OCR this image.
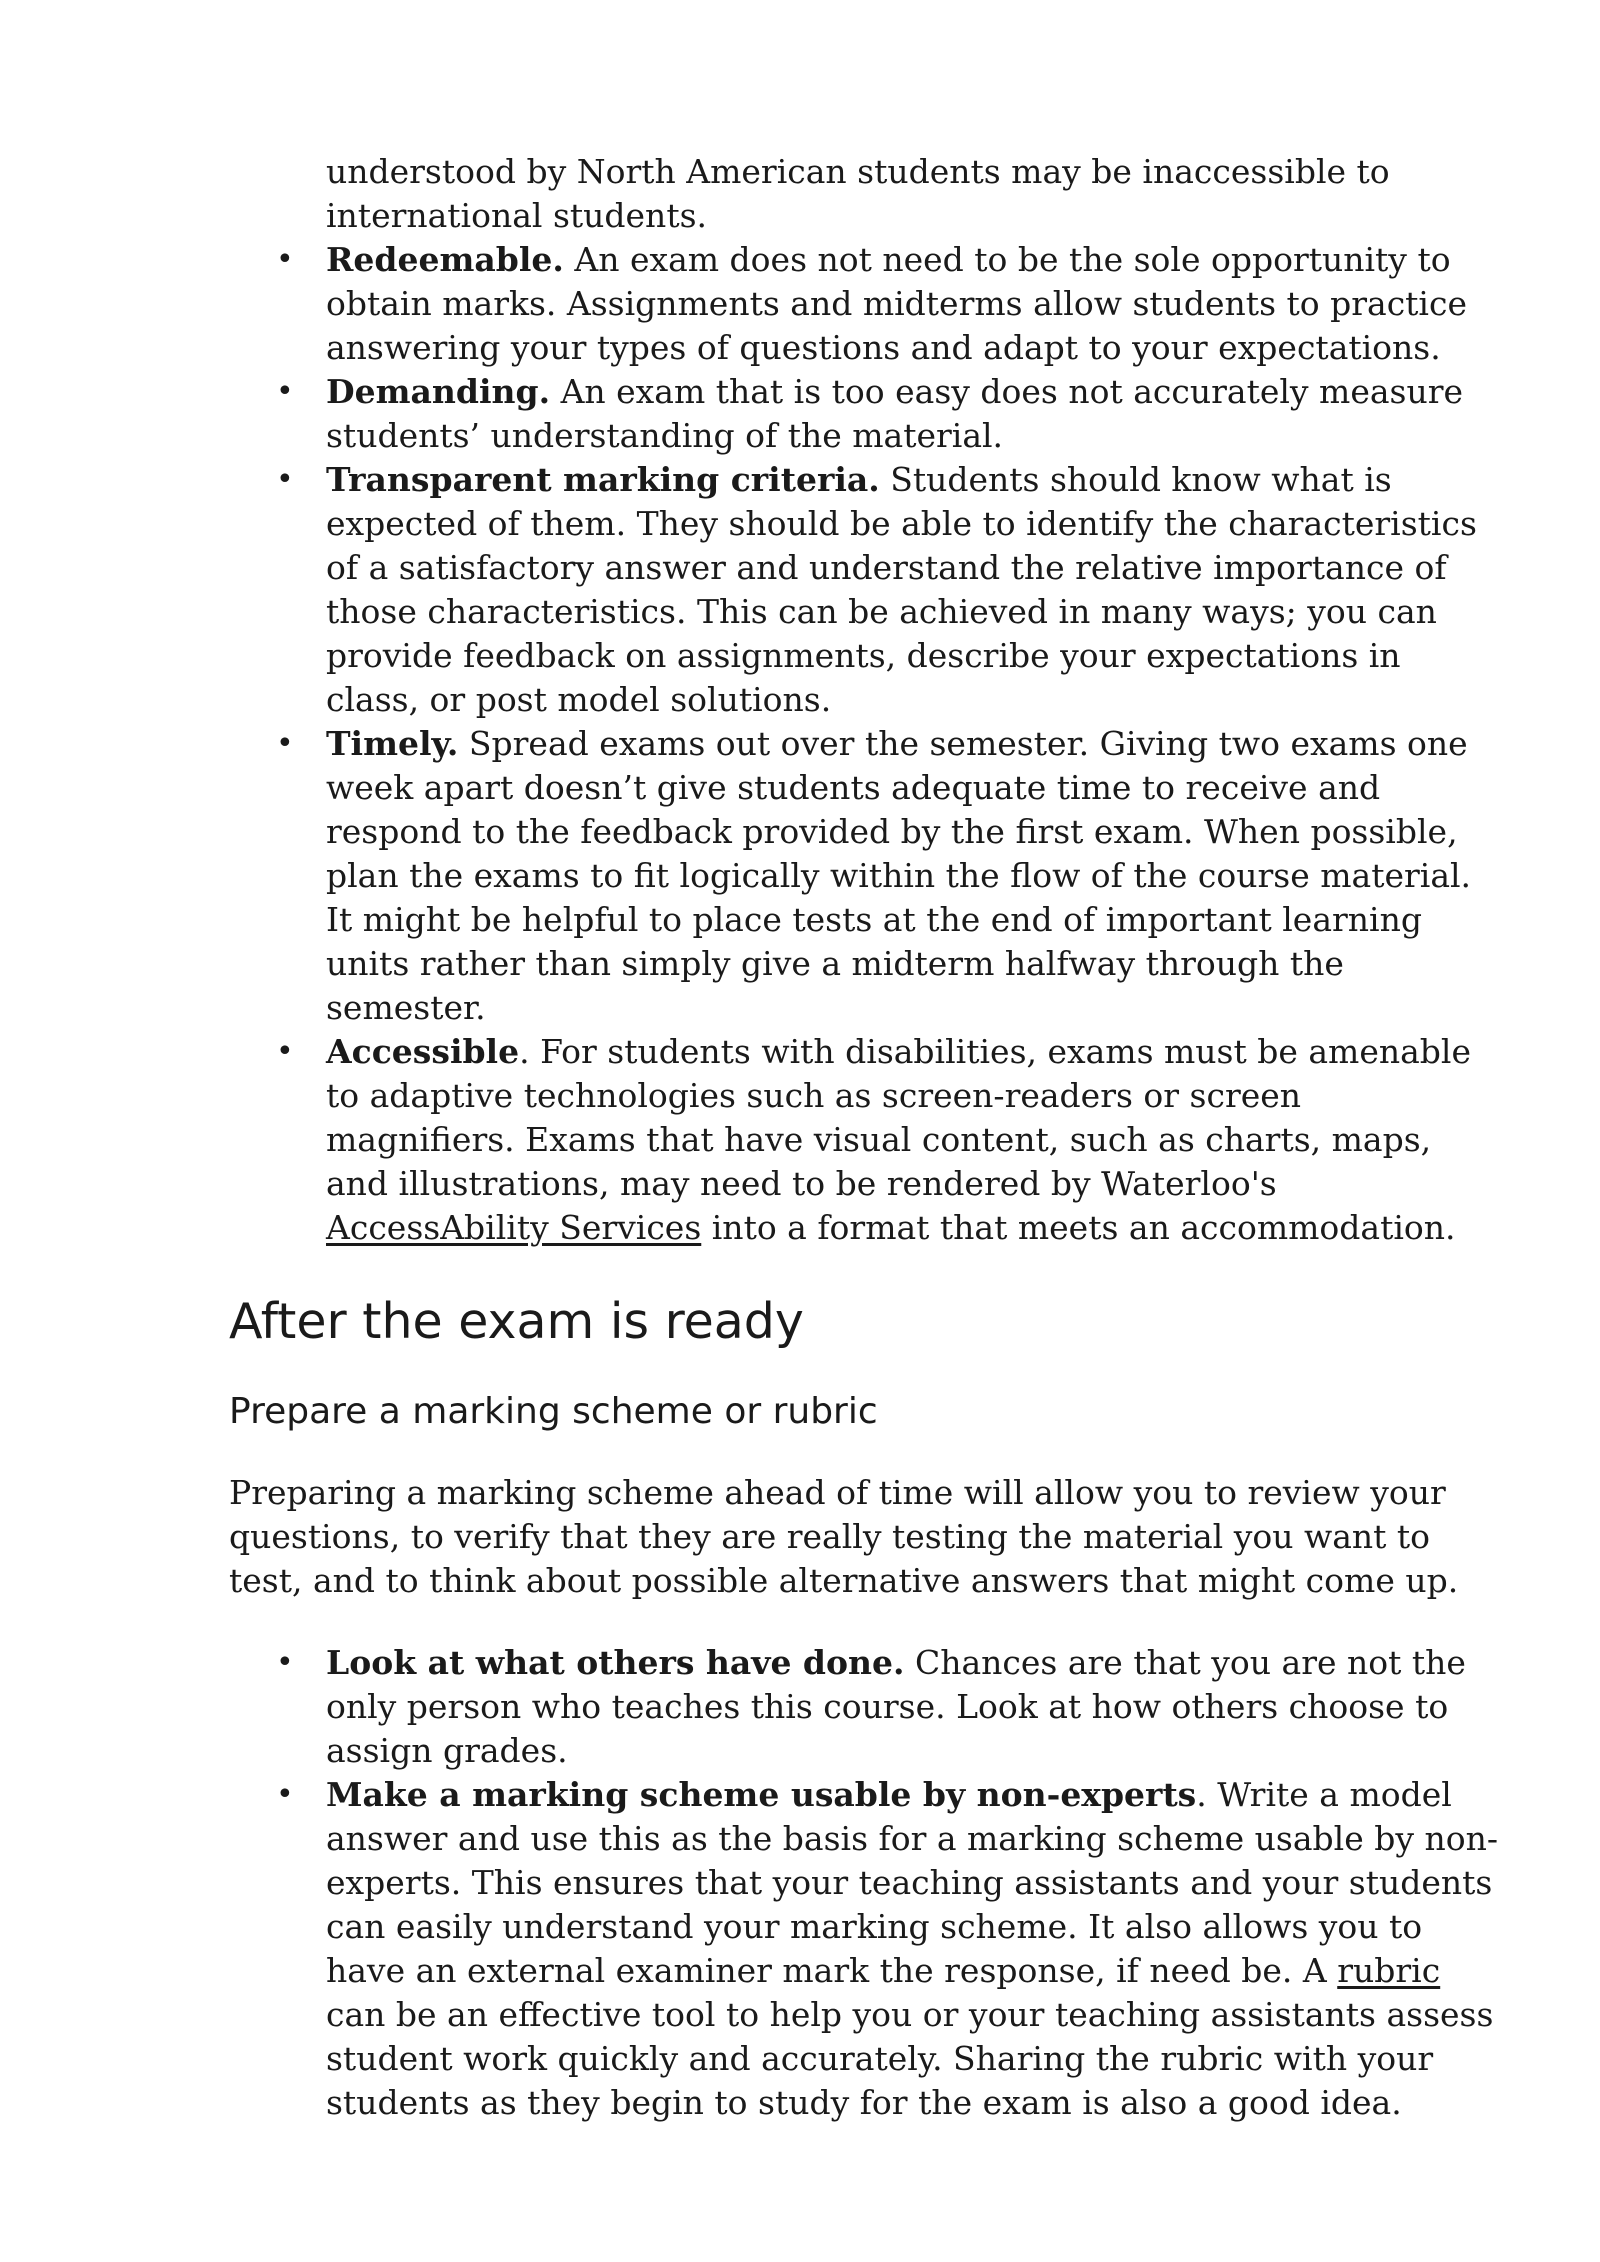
understood by North American students may be inaccessible to international students.
• Redeemable. An exam does not need to be the sole opportunity to obtain marks. Assignments and midterms allow students to practice answering your types of questions and adapt to your expectations.
• Demanding. An exam that is too easy does not accurately measure students’ understanding of the material.
• Transparent marking criteria. Students should know what is expected of them. They should be able to identify the characteristics of a satisfactory answer and understand the relative importance of those characteristics. This can be achieved in many ways; you can provide feedback on assignments, describe your expectations in class, or post model solutions.
• Timely. Spread exams out over the semester. Giving two exams one week apart doesn’t give students adequate time to receive and respond to the feedback provided by the first exam. When possible, plan the exams to fit logically within the flow of the course material. It might be helpful to place tests at the end of important learning units rather than simply give a midterm halfway through the semester.
• Accessible. For students with disabilities, exams must be amenable to adaptive technologies such as screen-readers or screen magnifiers. Exams that have visual content, such as charts, maps, and illustrations, may need to be rendered by Waterloo's AccessAbility Services into a format that meets an accommodation.
After the exam is ready
Prepare a marking scheme or rubric

Preparing a marking scheme ahead of time will allow you to review your questions, to verify that they are really testing the material you want to test, and to think about possible alternative answers that might come up.

• Look at what others have done. Chances are that you are not the only person who teaches this course. Look at how others choose to assign grades.
• Make a marking scheme usable by non-experts. Write a model answer and use this as the basis for a marking scheme usable by non-experts. This ensures that your teaching assistants and your students can easily understand your marking scheme. It also allows you to have an external examiner mark the response, if need be. A rubric can be an effective tool to help you or your teaching assistants assess student work quickly and accurately. Sharing the rubric with your students as they begin to study for the exam is also a good idea.
